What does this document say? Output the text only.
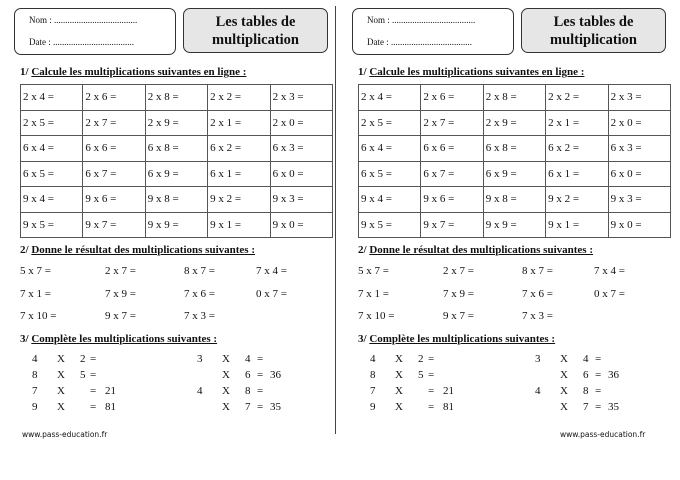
Nom : .....................................
Date : ....................................
Les tables de
multiplication
1/ Calcule les multiplications suivantes en ligne :
2 x 4 =	2 x 6 =	2 x 8 =	2 x 2 =	2 x 3 =
2 x 5 =	2 x 7 =	2 x 9 =	2 x 1 =	2 x 0 =
6 x 4 =	6 x 6 =	6 x 8 =	6 x 2 =	6 x 3 =
6 x 5 =	6 x 7 =	6 x 9 =	6 x 1 =	6 x 0 =
9 x 4 =	9 x 6 =	9 x 8 =	9 x 2 =	9 x 3 =
9 x 5 =	9 x 7 =	9 x 9 =	9 x 1 =	9 x 0 =
2/ Donne le résultat des multiplications suivantes :
5 x 7 =	2 x 7 =	8 x 7 =	7 x 4 =
7 x 1 =	7 x 9 =	7 x 6 =	0 x 7 =
7 x 10 =	9 x 7 =	7 x 3 =
3/ Complète les multiplications suivantes :
4 X 2 =
8 X 5 =
7 X = 21
9 X = 81
3 X 4 =
X 6 = 36
4 X 8 =
X 7 = 35
www.pass-education.fr
Nom : .....................................
Date : ....................................
Les tables de
multiplication
1/ Calcule les multiplications suivantes en ligne :
2 x 4 =	2 x 6 =	2 x 8 =	2 x 2 =	2 x 3 =
2 x 5 =	2 x 7 =	2 x 9 =	2 x 1 =	2 x 0 =
6 x 4 =	6 x 6 =	6 x 8 =	6 x 2 =	6 x 3 =
6 x 5 =	6 x 7 =	6 x 9 =	6 x 1 =	6 x 0 =
9 x 4 =	9 x 6 =	9 x 8 =	9 x 2 =	9 x 3 =
9 x 5 =	9 x 7 =	9 x 9 =	9 x 1 =	9 x 0 =
2/ Donne le résultat des multiplications suivantes :
5 x 7 =	2 x 7 =	8 x 7 =	7 x 4 =
7 x 1 =	7 x 9 =	7 x 6 =	0 x 7 =
7 x 10 =	9 x 7 =	7 x 3 =
3/ Complète les multiplications suivantes :
4 X 2 =
8 X 5 =
7 X = 21
9 X = 81
3 X 4 =
X 6 = 36
4 X 8 =
X 7 = 35
www.pass-education.fr
